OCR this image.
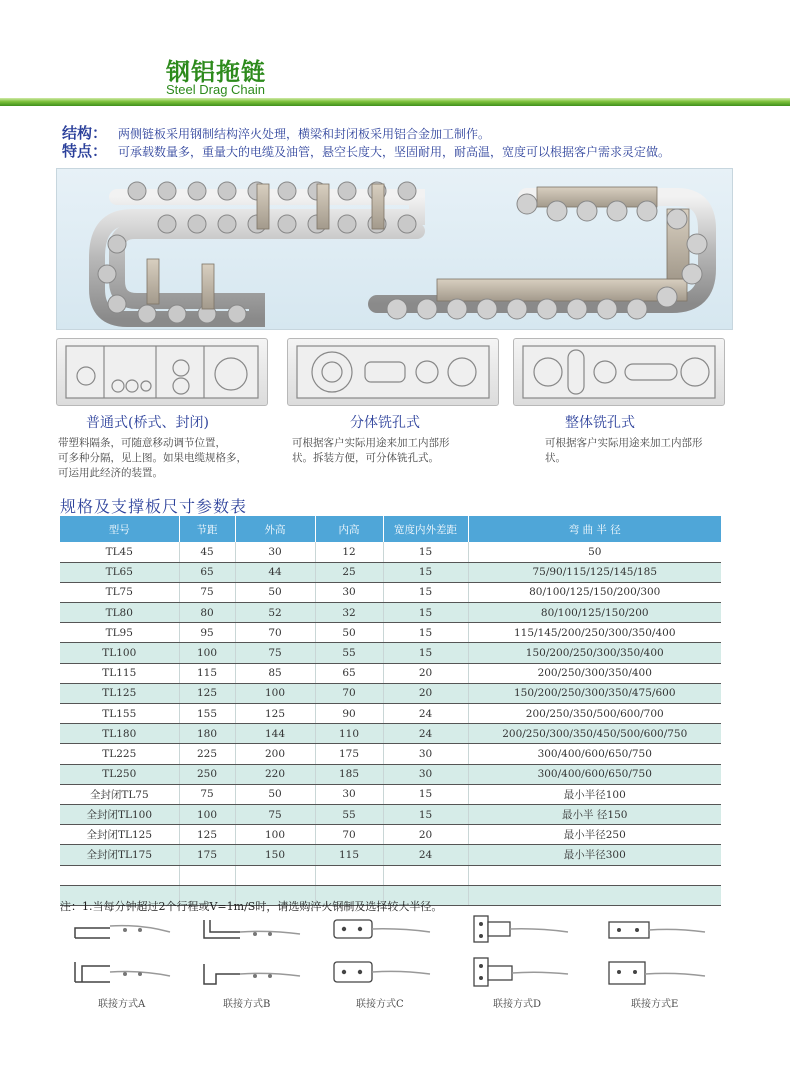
钢铝拖链
Steel Drag Chain
结构： 两侧链板采用钢制结构淬火处理，横梁和封闭板采用铝合金加工制作。
特点： 可承载数量多，重量大的电缆及油管，悬空长度大，坚固耐用，耐高温，宽度可以根据客户需求灵定做。
普通式(桥式、封闭)	分体铣孔式	整体铣孔式
带塑料隔条，可随意移动调节位置，
可多种分隔，见上图。如果电缆规格多，
可运用此经济的装置。
可根据客户实际用途来加工内部形
状。拆装方便，可分体铣孔式。
可根据客户实际用途来加工内部形
状。
规格及支撑板尺寸参数表
型号	节距	外高	内高	宽度内外差距	弯 曲 半 径
TL45	45	30	12	15	50
TL65	65	44	25	15	75/90/115/125/145/185
TL75	75	50	30	15	80/100/125/150/200/300
TL80	80	52	32	15	80/100/125/150/200
TL95	95	70	50	15	115/145/200/250/300/350/400
TL100	100	75	55	15	150/200/250/300/350/400
TL115	115	85	65	20	200/250/300/350/400
TL125	125	100	70	20	150/200/250/300/350/475/600
TL155	155	125	90	24	200/250/350/500/600/700
TL180	180	144	110	24	200/250/300/350/450/500/600/750
TL225	225	200	175	30	300/400/600/650/750
TL250	250	220	185	30	300/400/600/650/750
全封闭TL75	75	50	30	15	最小半径100
全封闭TL100	100	75	55	15	最小半 径150
全封闭TL125	125	100	70	20	最小半径250
全封闭TL175	175	150	115	24	最小半径300

注：1.当每分钟超过2个行程或V=1m/S时，请选购淬火钢制及选择较大半径。
联接方式A	联接方式B	联接方式C	联接方式D	联接方式E
